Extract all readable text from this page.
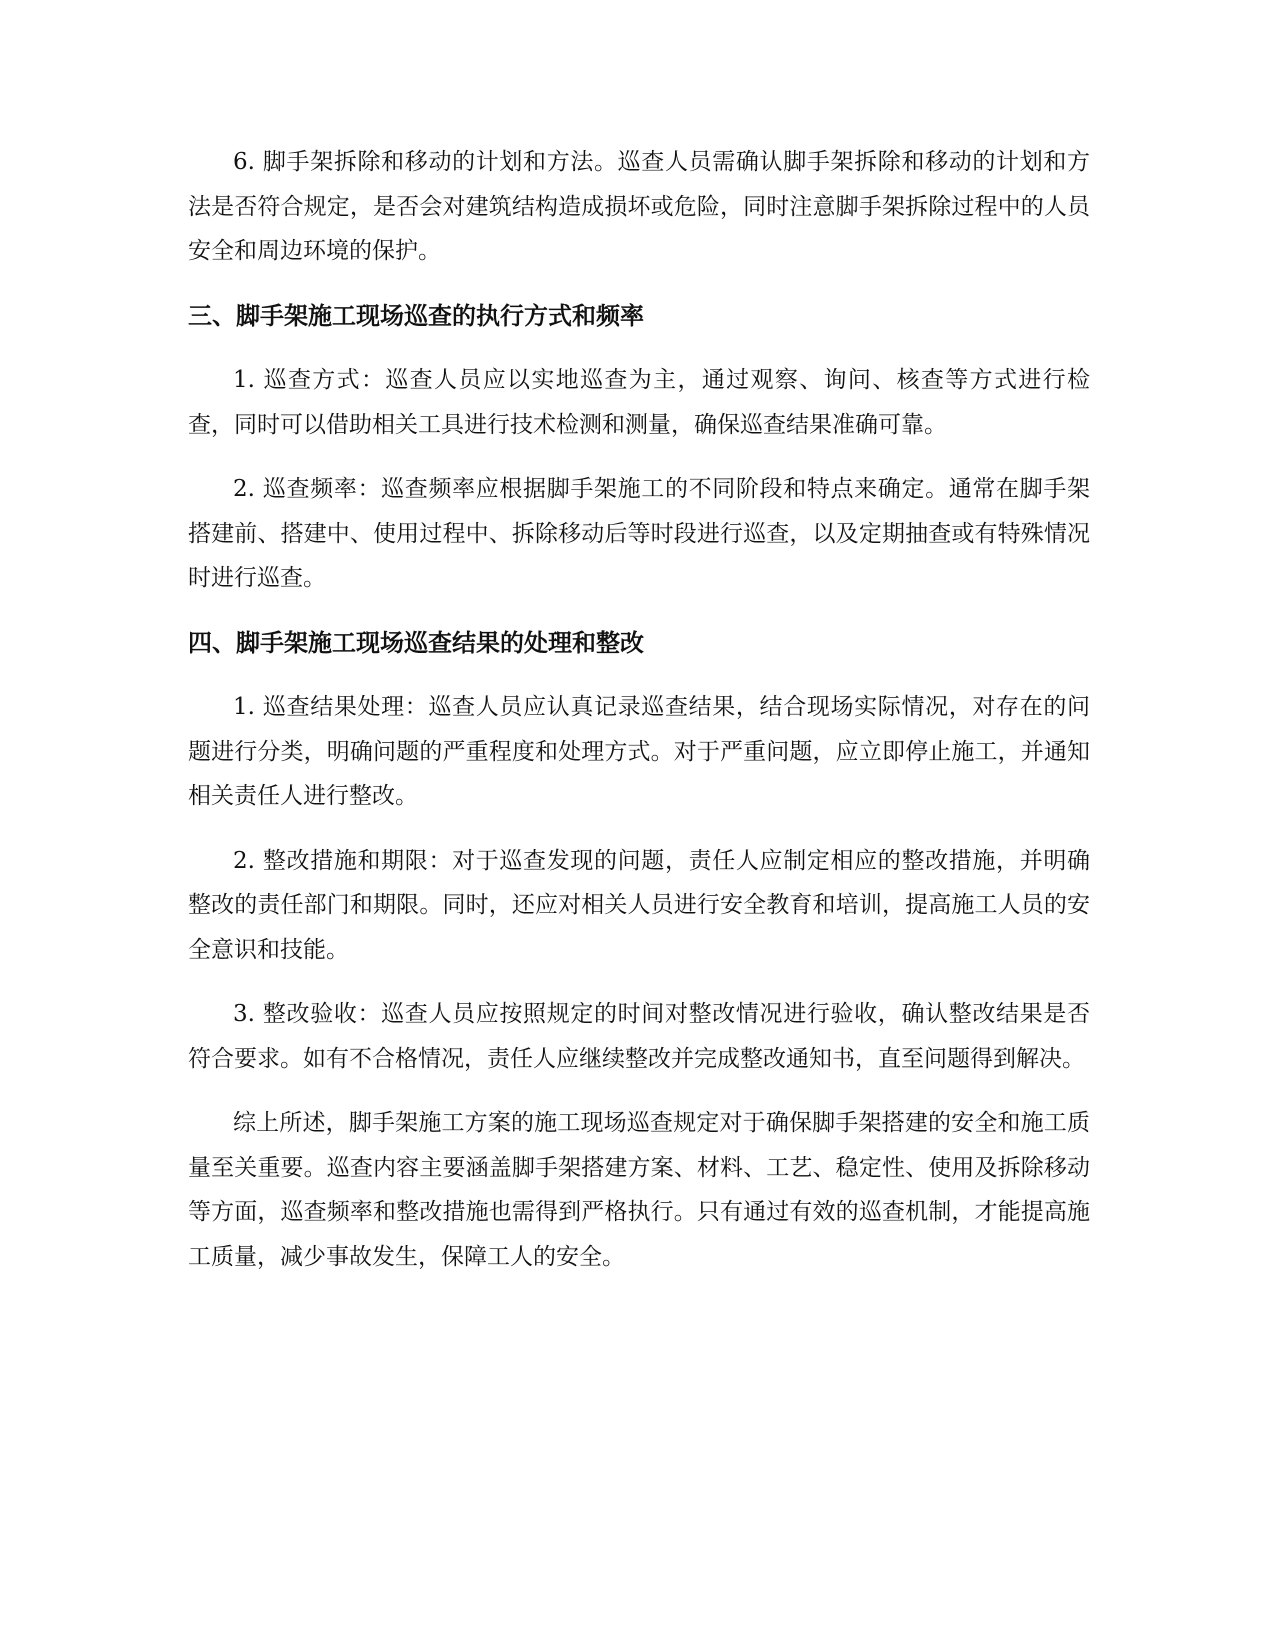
6. 脚手架拆除和移动的计划和方法。巡查人员需确认脚手架拆除和移动的计划和方法是否符合规定，是否会对建筑结构造成损坏或危险，同时注意脚手架拆除过程中的人员安全和周边环境的保护。

三、脚手架施工现场巡查的执行方式和频率

1. 巡查方式：巡查人员应以实地巡查为主，通过观察、询问、核查等方式进行检查，同时可以借助相关工具进行技术检测和测量，确保巡查结果准确可靠。

2. 巡查频率：巡查频率应根据脚手架施工的不同阶段和特点来确定。通常在脚手架搭建前、搭建中、使用过程中、拆除移动后等时段进行巡查，以及定期抽查或有特殊情况时进行巡查。

四、脚手架施工现场巡查结果的处理和整改

1. 巡查结果处理：巡查人员应认真记录巡查结果，结合现场实际情况，对存在的问题进行分类，明确问题的严重程度和处理方式。对于严重问题，应立即停止施工，并通知相关责任人进行整改。

2. 整改措施和期限：对于巡查发现的问题，责任人应制定相应的整改措施，并明确整改的责任部门和期限。同时，还应对相关人员进行安全教育和培训，提高施工人员的安全意识和技能。

3. 整改验收：巡查人员应按照规定的时间对整改情况进行验收，确认整改结果是否符合要求。如有不合格情况，责任人应继续整改并完成整改通知书，直至问题得到解决。

综上所述，脚手架施工方案的施工现场巡查规定对于确保脚手架搭建的安全和施工质量至关重要。巡查内容主要涵盖脚手架搭建方案、材料、工艺、稳定性、使用及拆除移动等方面，巡查频率和整改措施也需得到严格执行。只有通过有效的巡查机制，才能提高施工质量，减少事故发生，保障工人的安全。
